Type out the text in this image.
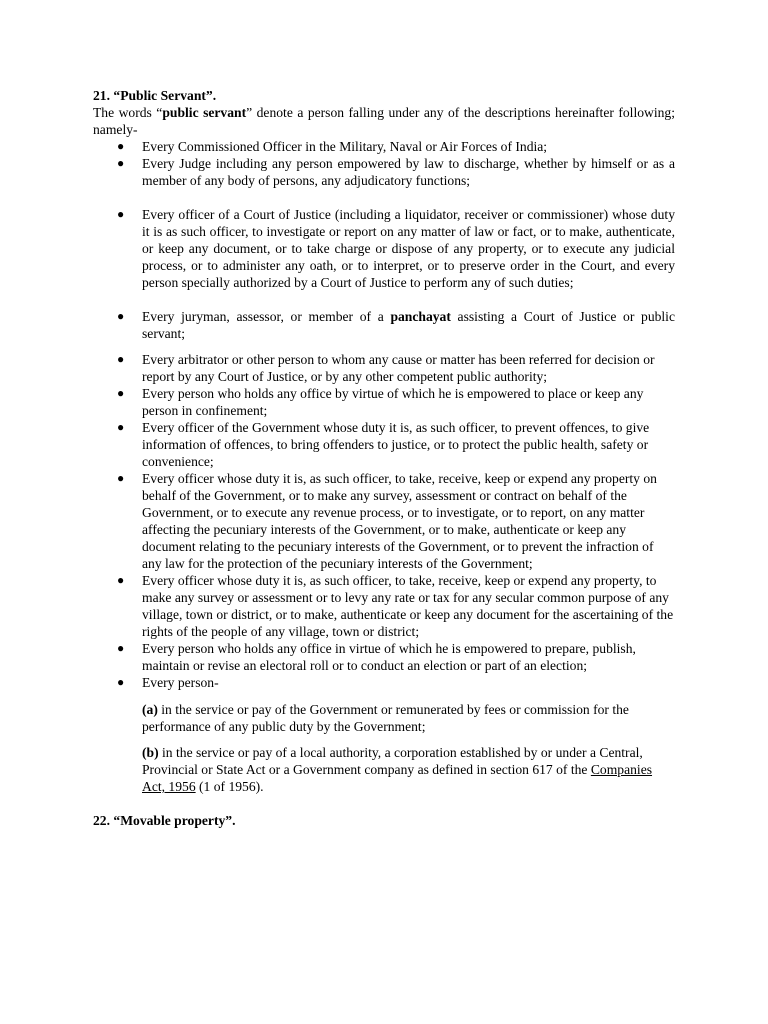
21. “Public Servant”.

The words “public servant” denote a person falling under any of the descriptions hereinafter following; namely-

● Every Commissioned Officer in the Military, Naval or Air Forces of India;
● Every Judge including any person empowered by law to discharge, whether by himself or as a member of any body of persons, any adjudicatory functions;
● Every officer of a Court of Justice (including a liquidator, receiver or commissioner) whose duty it is as such officer, to investigate or report on any matter of law or fact, or to make, authenticate, or keep any document, or to take charge or dispose of any property, or to execute any judicial process, or to administer any oath, or to interpret, or to preserve order in the Court, and every person specially authorized by a Court of Justice to perform any of such duties;
● Every juryman, assessor, or member of a panchayat assisting a Court of Justice or public servant;
● Every arbitrator or other person to whom any cause or matter has been referred for decision or report by any Court of Justice, or by any other competent public authority;
● Every person who holds any office by virtue of which he is empowered to place or keep any person in confinement;
● Every officer of the Government whose duty it is, as such officer, to prevent offences, to give information of offences, to bring offenders to justice, or to protect the public health, safety or convenience;
● Every officer whose duty it is, as such officer, to take, receive, keep or expend any property on behalf of the Government, or to make any survey, assessment or contract on behalf of the Government, or to execute any revenue process, or to investigate, or to report, on any matter affecting the pecuniary interests of the Government, or to make, authenticate or keep any document relating to the pecuniary interests of the Government, or to prevent the infraction of any law for the protection of the pecuniary interests of the Government;
● Every officer whose duty it is, as such officer, to take, receive, keep or expend any property, to make any survey or assessment or to levy any rate or tax for any secular common purpose of any village, town or district, or to make, authenticate or keep any document for the ascertaining of the rights of the people of any village, town or district;
● Every person who holds any office in virtue of which he is empowered to prepare, publish, maintain or revise an electoral roll or to conduct an election or part of an election;
● Every person-

(a) in the service or pay of the Government or remunerated by fees or commission for the performance of any public duty by the Government;

(b) in the service or pay of a local authority, a corporation established by or under a Central, Provincial or State Act or a Government company as defined in section 617 of the Companies Act, 1956 (1 of 1956).

22. “Movable property”.
